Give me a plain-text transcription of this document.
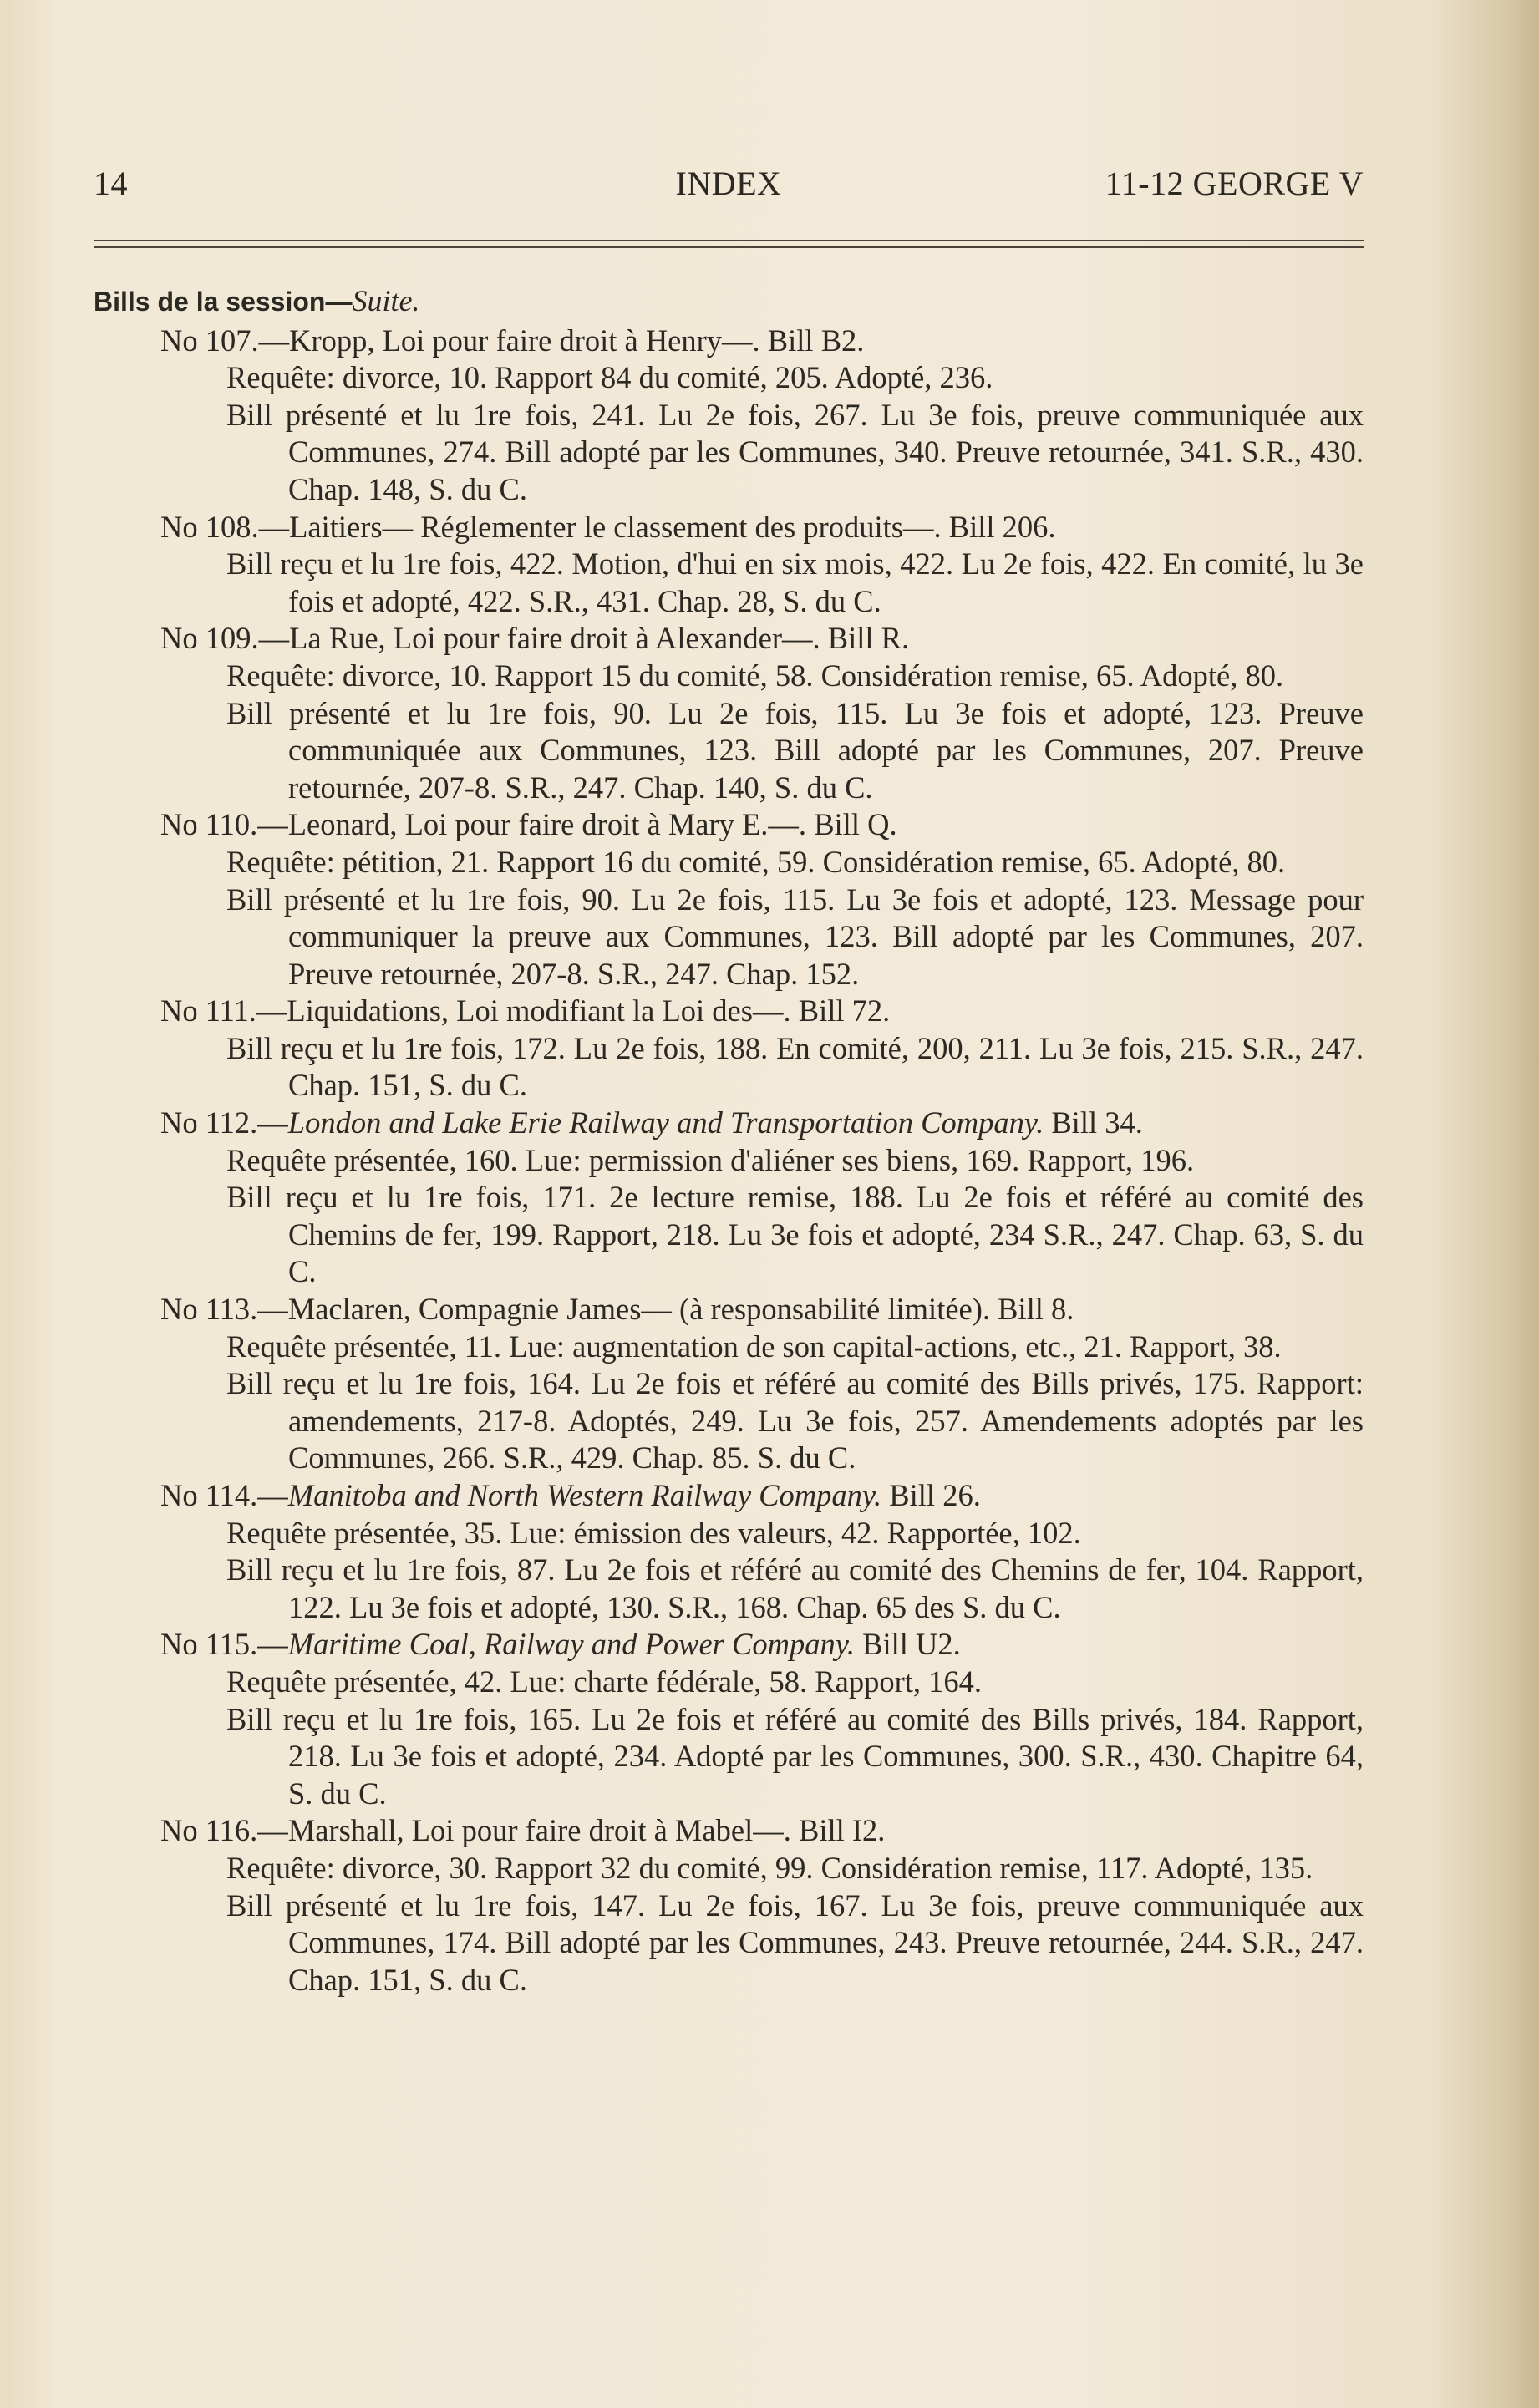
14	INDEX	11-12 GEORGE V
Bills de la session—Suite.
No 107.—Kropp, Loi pour faire droit à Henry—. Bill B2.
Requête: divorce, 10. Rapport 84 du comité, 205. Adopté, 236.
Bill présenté et lu 1re fois, 241. Lu 2e fois, 267. Lu 3e fois, preuve communiquée aux Communes, 274. Bill adopté par les Communes, 340. Preuve retournée, 341. S.R., 430. Chap. 148, S. du C.
No 108.—Laitiers— Réglementer le classement des produits—. Bill 206.
Bill reçu et lu 1re fois, 422. Motion, d'hui en six mois, 422. Lu 2e fois, 422. En comité, lu 3e fois et adopté, 422. S.R., 431. Chap. 28, S. du C.
No 109.—La Rue, Loi pour faire droit à Alexander—. Bill R.
Requête: divorce, 10. Rapport 15 du comité, 58. Considération remise, 65. Adopté, 80.
Bill présenté et lu 1re fois, 90. Lu 2e fois, 115. Lu 3e fois et adopté, 123. Preuve communiquée aux Communes, 123. Bill adopté par les Communes, 207. Preuve retournée, 207-8. S.R., 247. Chap. 140, S. du C.
No 110.—Leonard, Loi pour faire droit à Mary E.—. Bill Q.
Requête: pétition, 21. Rapport 16 du comité, 59. Considération remise, 65. Adopté, 80.
Bill présenté et lu 1re fois, 90. Lu 2e fois, 115. Lu 3e fois et adopté, 123. Message pour communiquer la preuve aux Communes, 123. Bill adopté par les Communes, 207. Preuve retournée, 207-8. S.R., 247. Chap. 152.
No 111.—Liquidations, Loi modifiant la Loi des—. Bill 72.
Bill reçu et lu 1re fois, 172. Lu 2e fois, 188. En comité, 200, 211. Lu 3e fois, 215. S.R., 247. Chap. 151, S. du C.
No 112.—London and Lake Erie Railway and Transportation Company. Bill 34.
Requête présentée, 160. Lue: permission d'aliéner ses biens, 169. Rapport, 196.
Bill reçu et lu 1re fois, 171. 2e lecture remise, 188. Lu 2e fois et référé au comité des Chemins de fer, 199. Rapport, 218. Lu 3e fois et adopté, 234 S.R., 247. Chap. 63, S. du C.
No 113.—Maclaren, Compagnie James— (à responsabilité limitée). Bill 8.
Requête présentée, 11. Lue: augmentation de son capital-actions, etc., 21. Rapport, 38.
Bill reçu et lu 1re fois, 164. Lu 2e fois et référé au comité des Bills privés, 175. Rapport: amendements, 217-8. Adoptés, 249. Lu 3e fois, 257. Amendements adoptés par les Communes, 266. S.R., 429. Chap. 85. S. du C.
No 114.—Manitoba and North Western Railway Company. Bill 26.
Requête présentée, 35. Lue: émission des valeurs, 42. Rapportée, 102.
Bill reçu et lu 1re fois, 87. Lu 2e fois et référé au comité des Chemins de fer, 104. Rapport, 122. Lu 3e fois et adopté, 130. S.R., 168. Chap. 65 des S. du C.
No 115.—Maritime Coal, Railway and Power Company. Bill U2.
Requête présentée, 42. Lue: charte fédérale, 58. Rapport, 164.
Bill reçu et lu 1re fois, 165. Lu 2e fois et référé au comité des Bills privés, 184. Rapport, 218. Lu 3e fois et adopté, 234. Adopté par les Communes, 300. S.R., 430. Chapitre 64, S. du C.
No 116.—Marshall, Loi pour faire droit à Mabel—. Bill I2.
Requête: divorce, 30. Rapport 32 du comité, 99. Considération remise, 117. Adopté, 135.
Bill présenté et lu 1re fois, 147. Lu 2e fois, 167. Lu 3e fois, preuve communiquée aux Communes, 174. Bill adopté par les Communes, 243. Preuve retournée, 244. S.R., 247. Chap. 151, S. du C.
